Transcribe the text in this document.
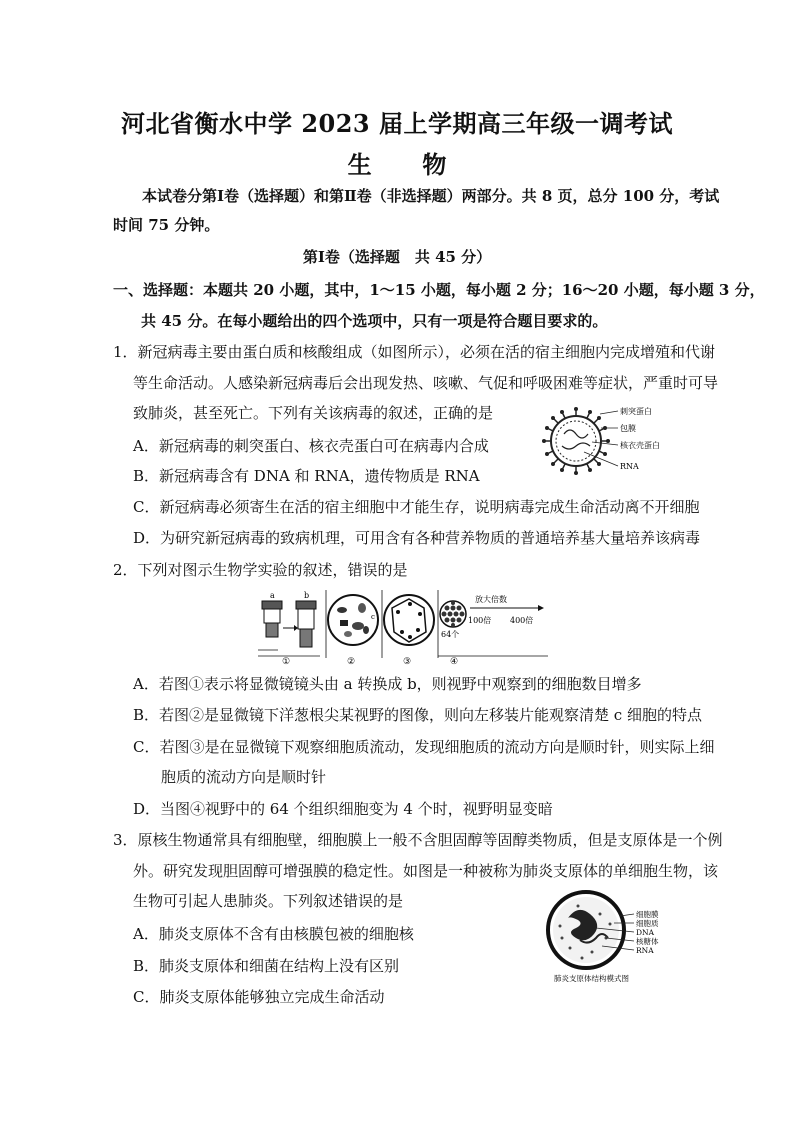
河北省衡水中学 2023 届上学期高三年级一调考试
生 物
本试卷分第Ⅰ卷（选择题）和第Ⅱ卷（非选择题）两部分。共 8 页，总分 100 分，考试
时间 75 分钟。
第Ⅰ卷（选择题　共 45 分）
一、选择题：本题共 20 小题，其中，1～15 小题，每小题 2 分；16～20 小题，每小题 3 分，
共 45 分。在每小题给出的四个选项中，只有一项是符合题目要求的。
1．新冠病毒主要由蛋白质和核酸组成（如图所示），必须在活的宿主细胞内完成增殖和代谢
等生命活动。人感染新冠病毒后会出现发热、咳嗽、气促和呼吸困难等症状，严重时可导
致肺炎，甚至死亡。下列有关该病毒的叙述，正确的是
A．新冠病毒的刺突蛋白、核衣壳蛋白可在病毒内合成
B．新冠病毒含有 DNA 和 RNA，遗传物质是 RNA
C．新冠病毒必须寄生在活的宿主细胞中才能生存，说明病毒完成生命活动离不开细胞
D．为研究新冠病毒的致病机理，可用含有各种营养物质的普通培养基大量培养该病毒
刺突蛋白
包膜
核衣壳蛋白
RNA
2．下列对图示生物学实验的叙述，错误的是
a	b
①
c
②	③
64个
放大倍数
100倍 400倍
④
A．若图①表示将显微镜镜头由 a 转换成 b，则视野中观察到的细胞数目增多
B．若图②是显微镜下洋葱根尖某视野的图像，则向左移装片能观察清楚 c 细胞的特点
C．若图③是在显微镜下观察细胞质流动，发现细胞质的流动方向是顺时针，则实际上细
胞质的流动方向是顺时针
D．当图④视野中的 64 个组织细胞变为 4 个时，视野明显变暗
3．原核生物通常具有细胞壁，细胞膜上一般不含胆固醇等固醇类物质，但是支原体是一个例
外。研究发现胆固醇可增强膜的稳定性。如图是一种被称为肺炎支原体的单细胞生物，该
生物可引起人患肺炎。下列叙述错误的是
A．肺炎支原体不含有由核膜包被的细胞核
B．肺炎支原体和细菌在结构上没有区别
C．肺炎支原体能够独立完成生命活动
细胞膜
细胞质
DNA
核糖体
RNA
肺炎支原体结构模式图
